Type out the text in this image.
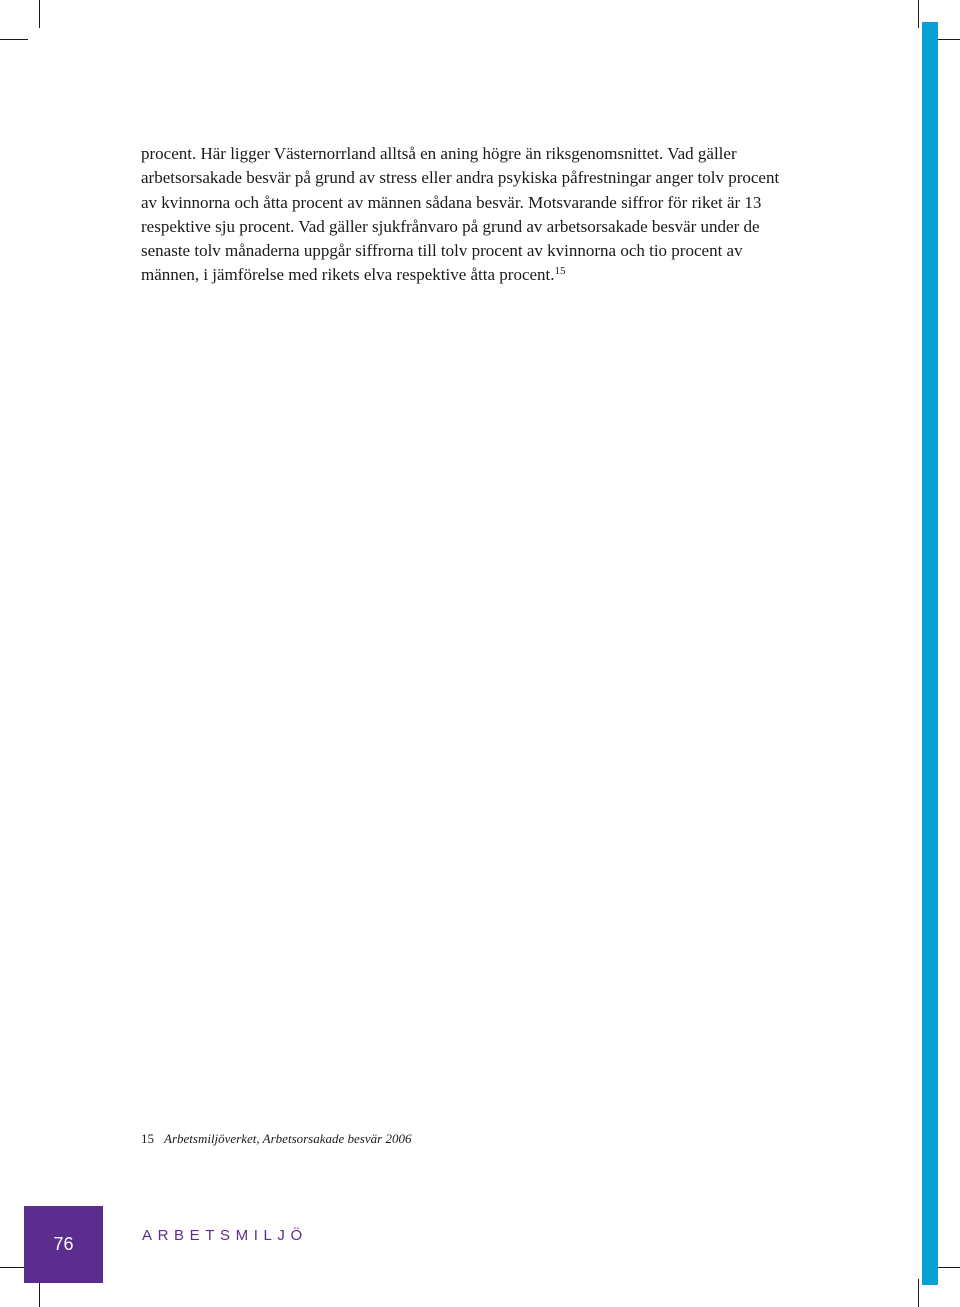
procent. Här ligger Västernorrland alltså en aning högre än riksgenomsnittet. Vad gäller
arbetsorsakade besvär på grund av stress eller andra psykiska påfrestningar anger tolv procent
av kvinnorna och åtta procent av männen sådana besvär. Motsvarande siffror för riket är 13
respektive sju procent. Vad gäller sjukfrånvaro på grund av arbetsorsakade besvär under de
senaste tolv månaderna uppgår siffrorna till tolv procent av kvinnorna och tio procent av
männen, i jämförelse med rikets elva respektive åtta procent.$^{15}$

15 Arbetsmiljöverket, Arbetsorsakade besvär 2006
76	ARBETSMILJÖ
